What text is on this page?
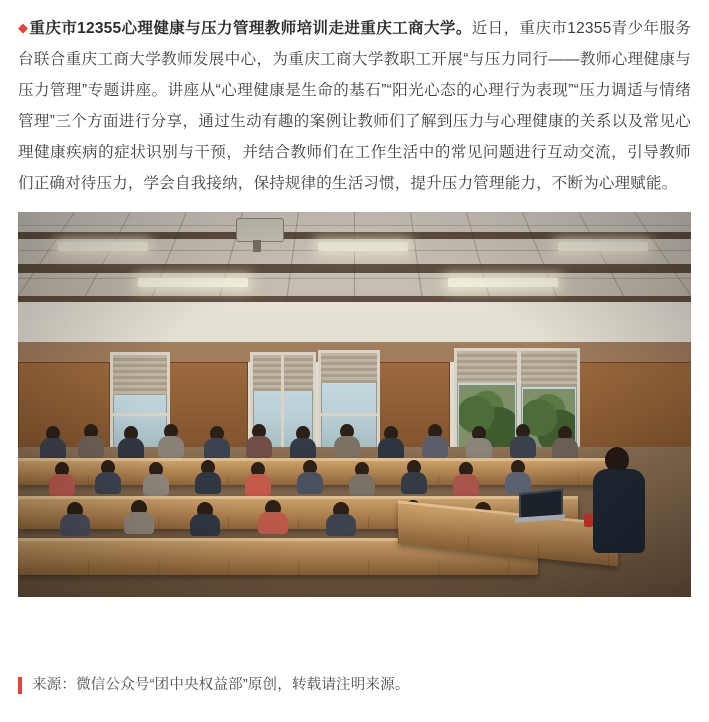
◆重庆市12355心理健康与压力管理教师培训走进重庆工商大学。近日，重庆市12355青少年服务台联合重庆工商大学教师发展中心，为重庆工商大学教职工开展“与压力同行——教师心理健康与压力管理”专题讲座。讲座从“心理健康是生命的基石”“阳光心态的心理行为表现”“压力调适与情绪管理”三个方面进行分享，通过生动有趣的案例让教师们了解到压力与心理健康的关系以及常见心理健康疾病的症状识别与干预，并结合教师们在工作生活中的常见问题进行互动交流，引导教师们正确对待压力，学会自我接纳，保持规律的生活习惯，提升压力管理能力，不断为心理赋能。
来源：微信公众号“团中央权益部”原创，转载请注明来源。
